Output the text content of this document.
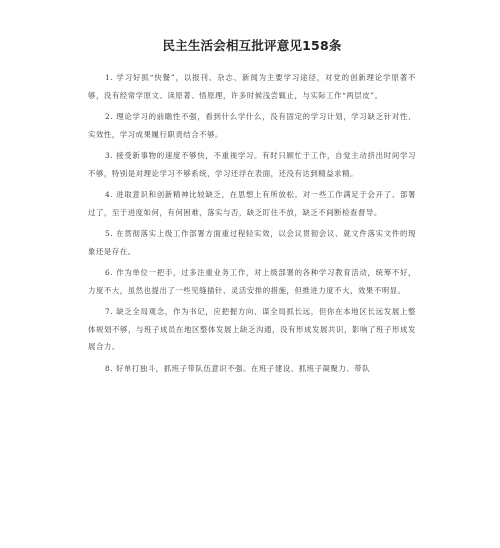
民主生活会相互批评意见158条

1. 学习好抓“快餐”，以报刊、杂志、新闻为主要学习途径，对党的创新理论学原著不够，没有经常学原文、读原著、悟原理，许多时候浅尝辄止，与实际工作“两层皮”。

2. 理论学习的前瞻性不强，看到什么学什么，没有固定的学习计划，学习缺乏针对性、实效性，学习成果履行职责结合不够。

3. 接受新事物的速度不够快，不重视学习。有时只顾忙于工作，自觉主动挤出时间学习不够，特别是对理论学习不够系统，学习还浮在表面，还没有达到精益求精。

4. 进取意识和创新精神比较缺乏，在思想上有所放松。对一些工作满足于会开了、部署过了，至于进度如何，有何困难，落实与否，缺乏盯住不放，缺乏不间断检查督导。

5. 在贯彻落实上级工作部署方面重过程轻实效，以会议贯彻会议、就文件落实文件的现象还是存在。

6. 作为单位一把手，过多注重业务工作，对上级部署的各种学习教育活动，统筹不好，力度不大，虽然也提出了一些见缝插针、灵活安排的措施，但推进力度不大，效果不明显。

7. 缺乏全局观念，作为书记，应把握方向、谋全局抓长远，但你在本地区长远发展上整体规划不够，与班子成员在地区整体发展上缺乏沟通，没有形成发展共识，影响了班子形成发展合力。

8. 好单打独斗，抓班子带队伍意识不强。在班子建设、抓班子凝聚力、带队
